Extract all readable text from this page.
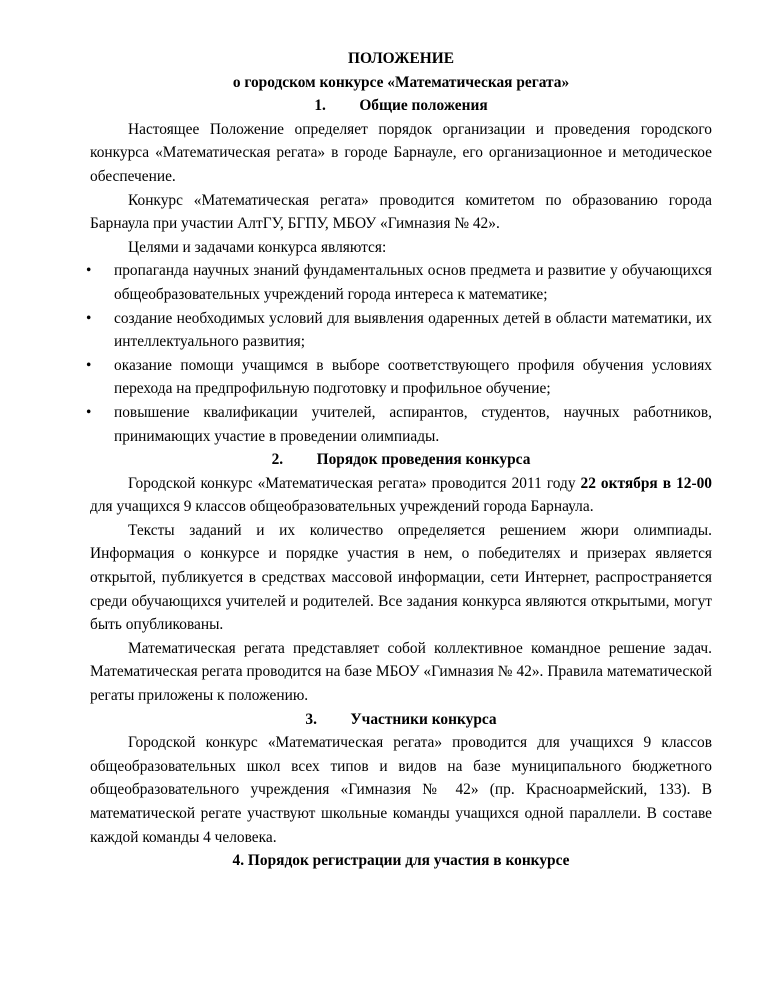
ПОЛОЖЕНИЕ
о городском конкурсе «Математическая регата»
1. Общие положения

Настоящее Положение определяет порядок организации и проведения городского конкурса «Математическая регата» в городе Барнауле, его организационное и методическое обеспечение.

Конкурс «Математическая регата» проводится комитетом по образованию города Барнаула при участии АлтГУ, БГПУ, МБОУ «Гимназия № 42».

Целями и задачами конкурса являются:

• пропаганда научных знаний фундаментальных основ предмета и развитие у обучающихся общеобразовательных учреждений города интереса к математике;
• создание необходимых условий для выявления одаренных детей в области математики, их интеллектуального развития;
• оказание помощи учащимся в выборе соответствующего профиля обучения условиях перехода на предпрофильную подготовку и профильное обучение;
• повышение квалификации учителей, аспирантов, студентов, научных работников, принимающих участие в проведении олимпиады.
2. Порядок проведения конкурса

Городской конкурс «Математическая регата» проводится 2011 году 22 октября в 12-00 для учащихся 9 классов общеобразовательных учреждений города Барнаула.

Тексты заданий и их количество определяется решением жюри олимпиады. Информация о конкурсе и порядке участия в нем, о победителях и призерах является открытой, публикуется в средствах массовой информации, сети Интернет, распространяется среди обучающихся учителей и родителей. Все задания конкурса являются открытыми, могут быть опубликованы.

Математическая регата представляет собой коллективное командное решение задач. Математическая регата проводится на базе МБОУ «Гимназия № 42». Правила математической регаты приложены к положению.

3. Участники конкурса

Городской конкурс «Математическая регата» проводится для учащихся 9 классов общеобразовательных школ всех типов и видов на базе муниципального бюджетного общеобразовательного учреждения «Гимназия № 42» (пр. Красноармейский, 133). В математической регате участвуют школьные команды учащихся одной параллели. В составе каждой команды 4 человека.

4. Порядок регистрации для участия в конкурсе
